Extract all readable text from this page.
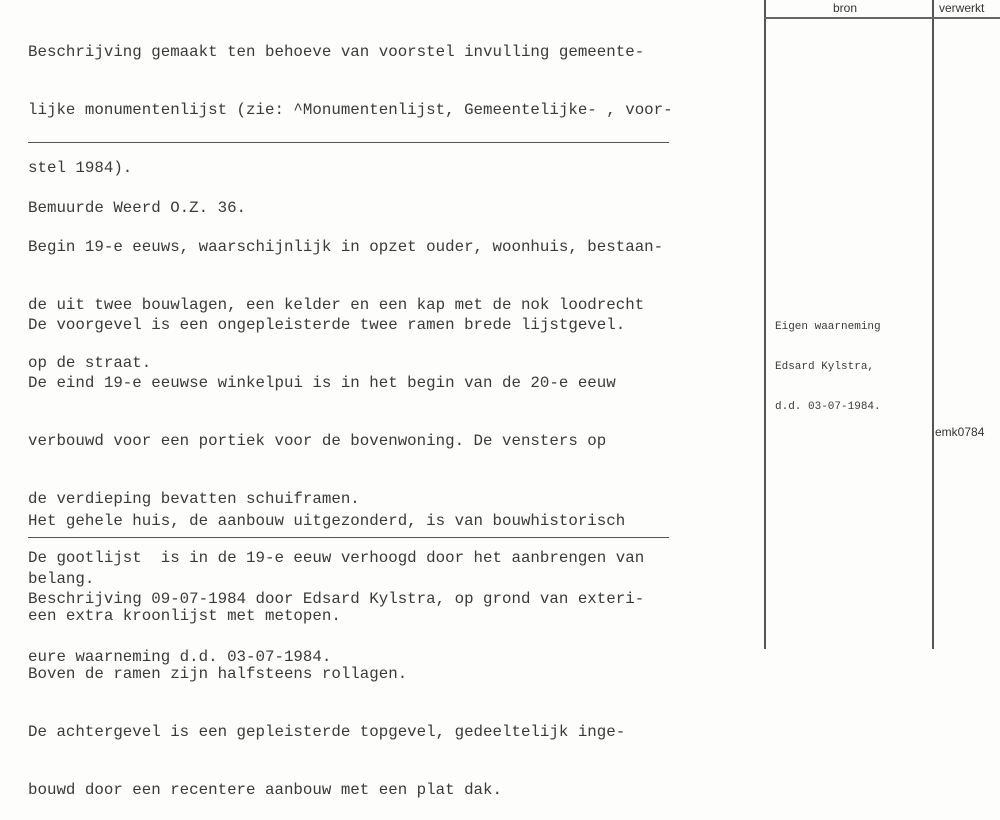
Beschrijving gemaakt ten behoeve van voorstel invulling gemeente-

lijke monumentenlijst (zie: ^Monumentenlijst, Gemeentelijke- , voor-

stel 1984).

Bemuurde Weerd O.Z. 36.

Begin 19-e eeuws, waarschijnlijk in opzet ouder, woonhuis, bestaan-

de uit twee bouwlagen, een kelder en een kap met de nok loodrecht

op de straat.

De voorgevel is een ongepleisterde twee ramen brede lijstgevel.

De eind 19-e eeuwse winkelpui is in het begin van de 20-e eeuw

verbouwd voor een portiek voor de bovenwoning. De vensters op

de verdieping bevatten schuiframen.

De gootlijst  is in de 19-e eeuw verhoogd door het aanbrengen van

een extra kroonlijst met metopen.

Boven de ramen zijn halfsteens rollagen.

De achtergevel is een gepleisterde topgevel, gedeeltelijk inge-

bouwd door een recentere aanbouw met een plat dak.

Het gehele huis, de aanbouw uitgezonderd, is van bouwhistorisch

belang.

Beschrijving 09-07-1984 door Edsard Kylstra, op grond van exteri-

eure waarneming d.d. 03-07-1984.

bron	verwerkt

Eigen waarneming

Edsard Kylstra,

d.d. 03-07-1984.

emk0784
